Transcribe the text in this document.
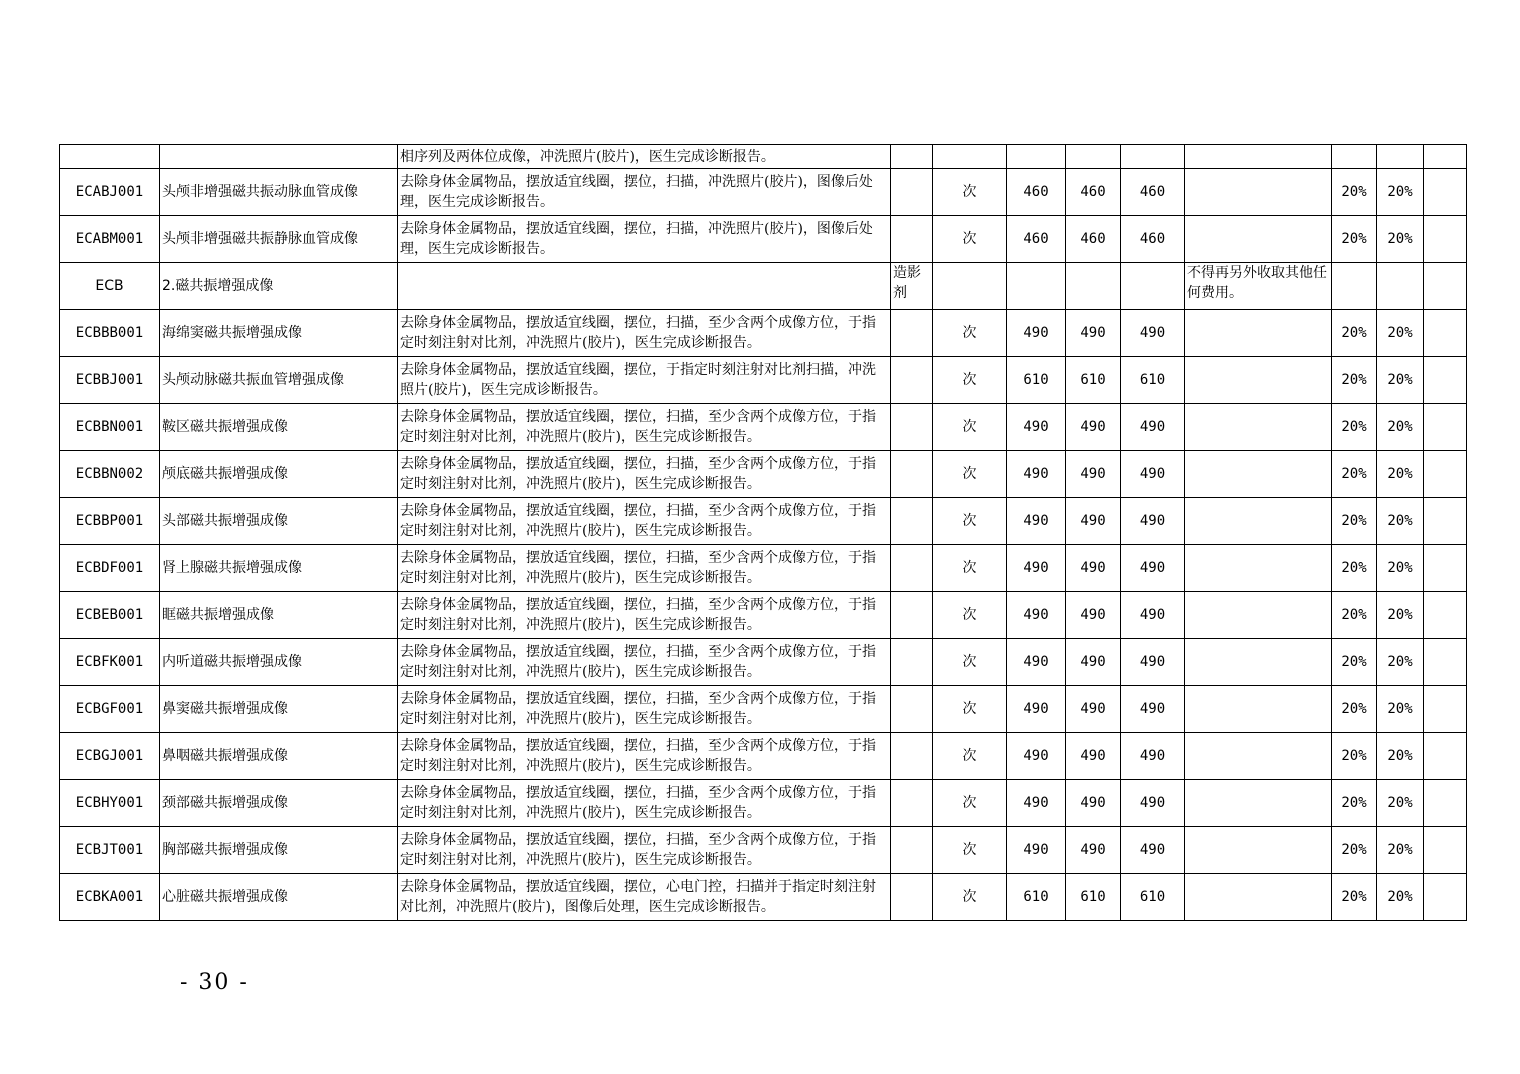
		相序列及两体位成像，冲洗照片(胶片)，医生完成诊断报告。									
ECABJ001	头颅非增强磁共振动脉血管成像	去除身体金属物品，摆放适宜线圈，摆位，扫描，冲洗照片(胶片)，图像后处理，医生完成诊断报告。		次	460	460	460		20%	20%	
ECABM001	头颅非增强磁共振静脉血管成像	去除身体金属物品，摆放适宜线圈，摆位，扫描，冲洗照片(胶片)，图像后处理，医生完成诊断报告。		次	460	460	460		20%	20%	
ECB	2.磁共振增强成像		造影剂					不得再另外收取其他任何费用。			
ECBBB001	海绵窦磁共振增强成像	去除身体金属物品，摆放适宜线圈，摆位，扫描，至少含两个成像方位，于指定时刻注射对比剂，冲洗照片(胶片)，医生完成诊断报告。		次	490	490	490		20%	20%	
ECBBJ001	头颅动脉磁共振血管增强成像	去除身体金属物品，摆放适宜线圈，摆位，于指定时刻注射对比剂扫描，冲洗照片(胶片)，医生完成诊断报告。		次	610	610	610		20%	20%	
ECBBN001	鞍区磁共振增强成像	去除身体金属物品，摆放适宜线圈，摆位，扫描，至少含两个成像方位，于指定时刻注射对比剂，冲洗照片(胶片)，医生完成诊断报告。		次	490	490	490		20%	20%	
ECBBN002	颅底磁共振增强成像	去除身体金属物品，摆放适宜线圈，摆位，扫描，至少含两个成像方位，于指定时刻注射对比剂，冲洗照片(胶片)，医生完成诊断报告。		次	490	490	490		20%	20%	
ECBBP001	头部磁共振增强成像	去除身体金属物品，摆放适宜线圈，摆位，扫描，至少含两个成像方位，于指定时刻注射对比剂，冲洗照片(胶片)，医生完成诊断报告。		次	490	490	490		20%	20%	
ECBDF001	肾上腺磁共振增强成像	去除身体金属物品，摆放适宜线圈，摆位，扫描，至少含两个成像方位，于指定时刻注射对比剂，冲洗照片(胶片)，医生完成诊断报告。		次	490	490	490		20%	20%	
ECBEB001	眶磁共振增强成像	去除身体金属物品，摆放适宜线圈，摆位，扫描，至少含两个成像方位，于指定时刻注射对比剂，冲洗照片(胶片)，医生完成诊断报告。		次	490	490	490		20%	20%	
ECBFK001	内听道磁共振增强成像	去除身体金属物品，摆放适宜线圈，摆位，扫描，至少含两个成像方位，于指定时刻注射对比剂，冲洗照片(胶片)，医生完成诊断报告。		次	490	490	490		20%	20%	
ECBGF001	鼻窦磁共振增强成像	去除身体金属物品，摆放适宜线圈，摆位，扫描，至少含两个成像方位，于指定时刻注射对比剂，冲洗照片(胶片)，医生完成诊断报告。		次	490	490	490		20%	20%	
ECBGJ001	鼻咽磁共振增强成像	去除身体金属物品，摆放适宜线圈，摆位，扫描，至少含两个成像方位，于指定时刻注射对比剂，冲洗照片(胶片)，医生完成诊断报告。		次	490	490	490		20%	20%	
ECBHY001	颈部磁共振增强成像	去除身体金属物品，摆放适宜线圈，摆位，扫描，至少含两个成像方位，于指定时刻注射对比剂，冲洗照片(胶片)，医生完成诊断报告。		次	490	490	490		20%	20%	
ECBJT001	胸部磁共振增强成像	去除身体金属物品，摆放适宜线圈，摆位，扫描，至少含两个成像方位，于指定时刻注射对比剂，冲洗照片(胶片)，医生完成诊断报告。		次	490	490	490		20%	20%	
ECBKA001	心脏磁共振增强成像	去除身体金属物品，摆放适宜线圈，摆位，心电门控，扫描并于指定时刻注射对比剂，冲洗照片(胶片)，图像后处理，医生完成诊断报告。		次	610	610	610		20%	20%	
- 30 -
